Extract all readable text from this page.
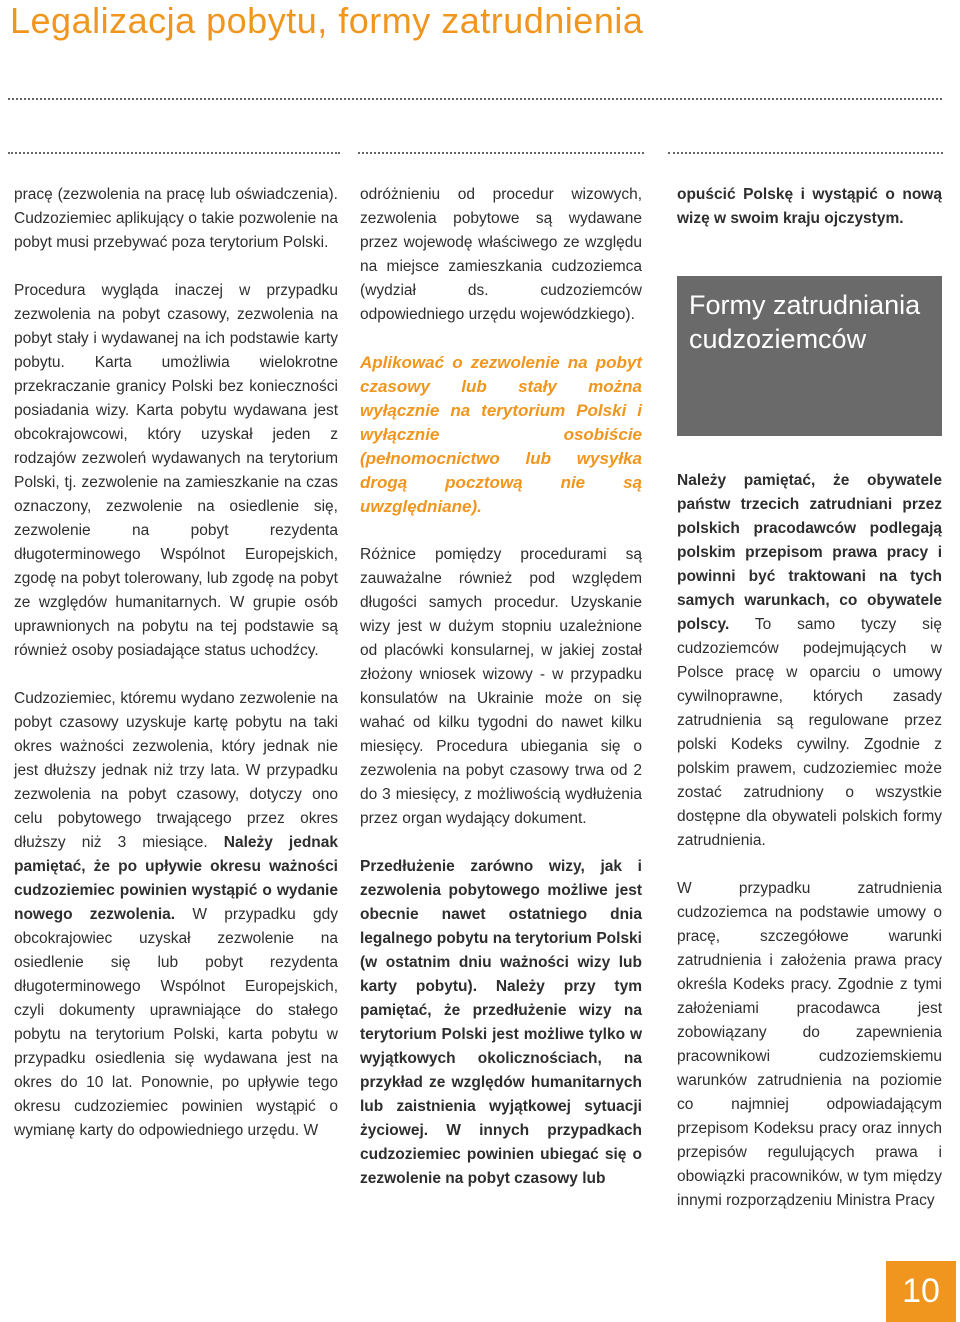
Legalizacja pobytu, formy zatrudnienia

pracę (zezwolenia na pracę lub oświadczenia). Cudzoziemiec aplikujący o takie pozwolenie na pobyt musi przebywać poza terytorium Polski.

Procedura wygląda inaczej w przypadku zezwolenia na pobyt czasowy, zezwolenia na pobyt stały i wydawanej na ich podstawie karty pobytu. Karta umożliwia wielokrotne przekraczanie granicy Polski bez konieczności posiadania wizy. Karta pobytu wydawana jest obcokrajowcowi, który uzyskał jeden z rodzajów zezwoleń wydawanych na terytorium Polski, tj. zezwolenie na zamieszkanie na czas oznaczony, zezwolenie na osiedlenie się, zezwolenie na pobyt rezydenta długoterminowego Wspólnot Europejskich, zgodę na pobyt tolerowany, lub zgodę na pobyt ze względów humanitarnych. W grupie osób uprawnionych na pobytu na tej podstawie są również osoby posiadające status uchodźcy.

Cudzoziemiec, któremu wydano zezwolenie na pobyt czasowy uzyskuje kartę pobytu na taki okres ważności zezwolenia, który jednak nie jest dłuższy jednak niż trzy lata. W przypadku zezwolenia na pobyt czasowy, dotyczy ono celu pobytowego trwającego przez okres dłuższy niż 3 miesiące. Należy jednak pamiętać, że po upływie okresu ważności cudzoziemiec powinien wystąpić o wydanie nowego zezwolenia. W przypadku gdy obcokrajowiec uzyskał zezwolenie na osiedlenie się lub pobyt rezydenta długoterminowego Wspólnot Europejskich, czyli dokumenty uprawniające do stałego pobytu na terytorium Polski, karta pobytu w przypadku osiedlenia się wydawana jest na okres do 10 lat. Ponownie, po upływie tego okresu cudzoziemiec powinien wystąpić o wymianę karty do odpowiedniego urzędu. W

odróżnieniu od procedur wizowych, zezwolenia pobytowe są wydawane przez wojewodę właściwego ze względu na miejsce zamieszkania cudzoziemca (wydział ds. cudzoziemców odpowiedniego urzędu wojewódzkiego).

Aplikować o zezwolenie na pobyt czasowy lub stały można wyłącznie na terytorium Polski i wyłącznie osobiście (pełnomocnictwo lub wysyłka drogą pocztową nie są uwzględniane).

Różnice pomiędzy procedurami są zauważalne również pod względem długości samych procedur. Uzyskanie wizy jest w dużym stopniu uzależnione od placówki konsularnej, w jakiej został złożony wniosek wizowy - w przypadku konsulatów na Ukrainie może on się wahać od kilku tygodni do nawet kilku miesięcy. Procedura ubiegania się o zezwolenia na pobyt czasowy trwa od 2 do 3 miesięcy, z możliwością wydłużenia przez organ wydający dokument.

Przedłużenie zarówno wizy, jak i zezwolenia pobytowego możliwe jest obecnie nawet ostatniego dnia legalnego pobytu na terytorium Polski (w ostatnim dniu ważności wizy lub karty pobytu). Należy przy tym pamiętać, że przedłużenie wizy na terytorium Polski jest możliwe tylko w wyjątkowych okolicznościach, na przykład ze względów humanitarnych lub zaistnienia wyjątkowej sytuacji życiowej. W innych przypadkach cudzoziemiec powinien ubiegać się o zezwolenie na pobyt czasowy lub

opuścić Polskę i wystąpić o nową wizę w swoim kraju ojczystym.

Formy zatrudniania cudzoziemców

Należy pamiętać, że obywatele państw trzecich zatrudniani przez polskich pracodawców podlegają polskim przepisom prawa pracy i powinni być traktowani na tych samych warunkach, co obywatele polscy. To samo tyczy się cudzoziemców podejmujących w Polsce pracę w oparciu o umowy cywilnoprawne, których zasady zatrudnienia są regulowane przez polski Kodeks cywilny. Zgodnie z polskim prawem, cudzoziemiec może zostać zatrudniony o wszystkie dostępne dla obywateli polskich formy zatrudnienia.

W przypadku zatrudnienia cudzoziemca na podstawie umowy o pracę, szczegółowe warunki zatrudnienia i założenia prawa pracy określa Kodeks pracy. Zgodnie z tymi założeniami pracodawca jest zobowiązany do zapewnienia pracownikowi cudzoziemskiemu warunków zatrudnienia na poziomie co najmniej odpowiadającym przepisom Kodeksu pracy oraz innych przepisów regulujących prawa i obowiązki pracowników, w tym między innymi rozporządzeniu Ministra Pracy

10
